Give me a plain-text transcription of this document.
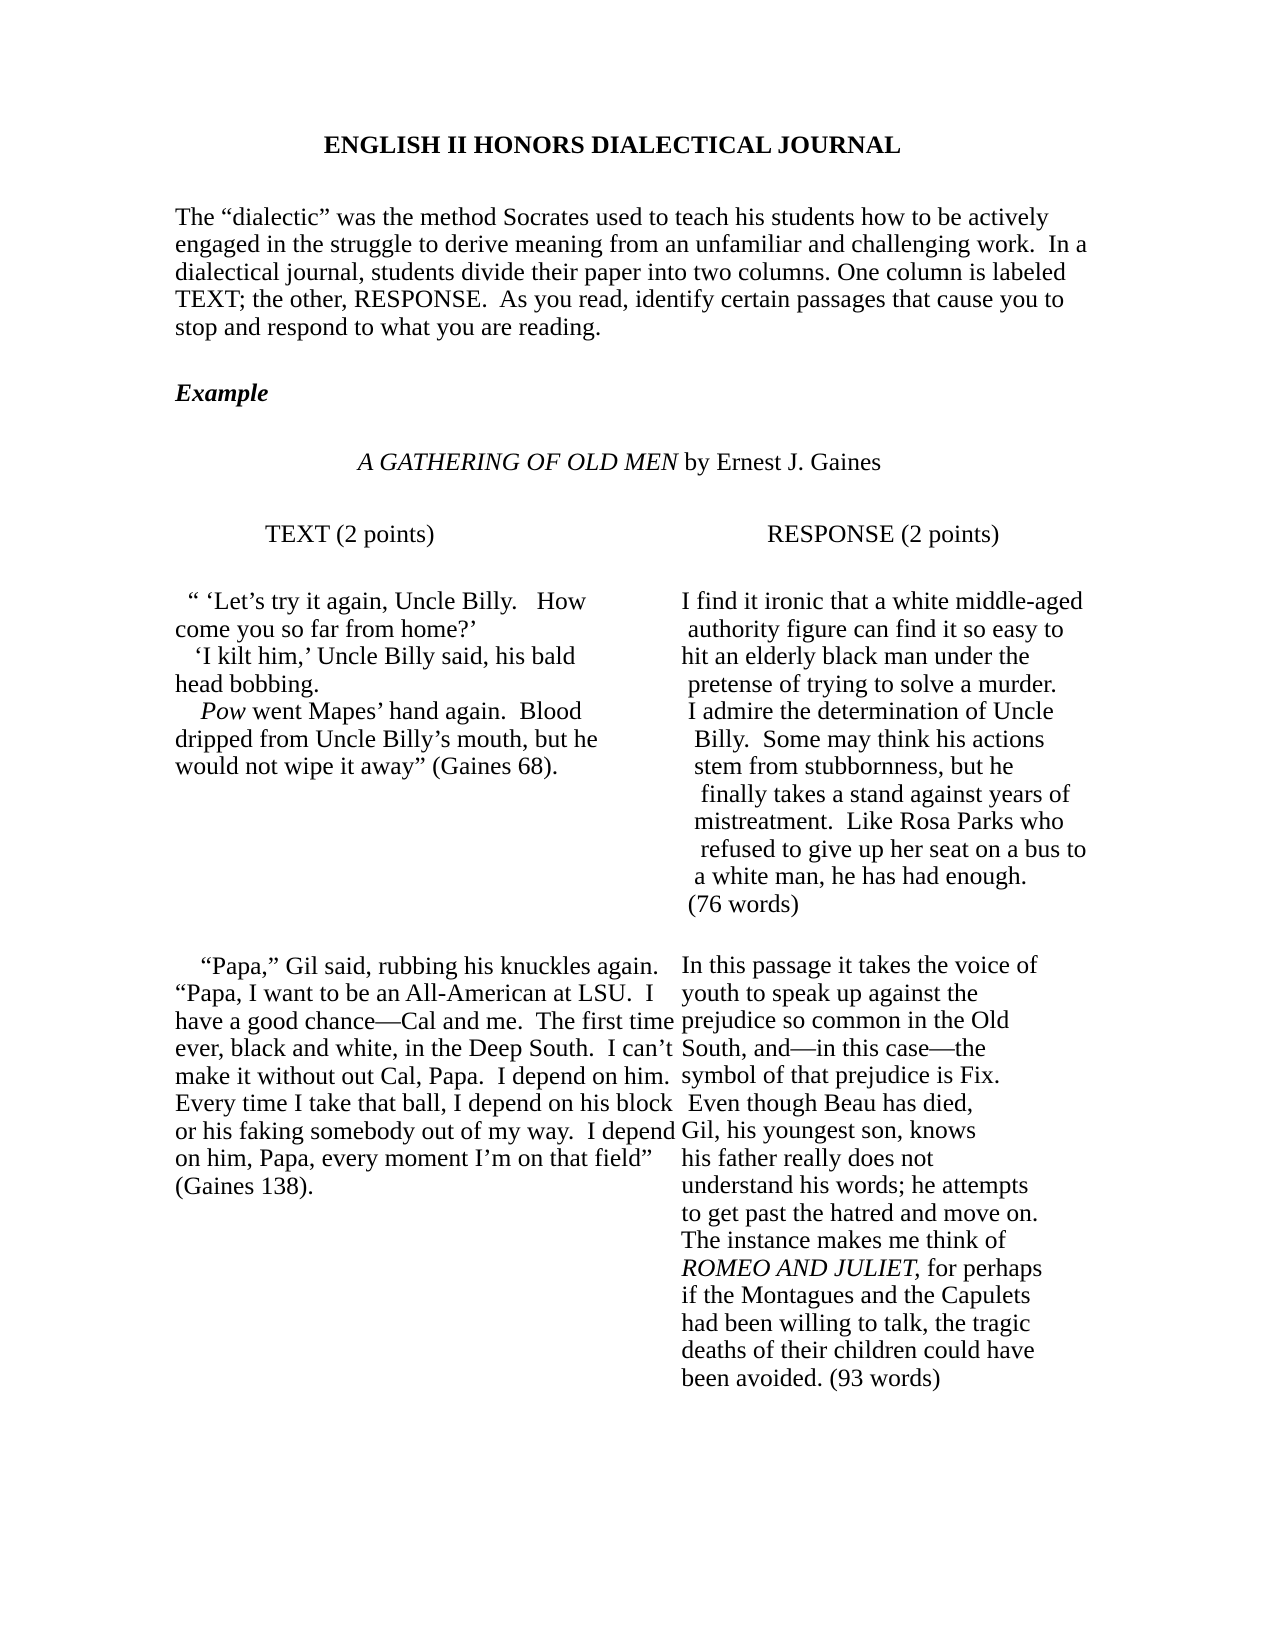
ENGLISH II HONORS DIALECTICAL JOURNAL
The “dialectic” was the method Socrates used to teach his students how to be actively
engaged in the struggle to derive meaning from an unfamiliar and challenging work.  In a
dialectical journal, students divide their paper into two columns. One column is labeled
TEXT; the other, RESPONSE.  As you read, identify certain passages that cause you to
stop and respond to what you are reading.
Example
A GATHERING OF OLD MEN by Ernest J. Gaines
TEXT (2 points)	RESPONSE (2 points)
“ ‘Let’s try it again, Uncle Billy.   How
come you so far from home?’
‘I kilt him,’ Uncle Billy said, his bald
head bobbing.
Pow went Mapes’ hand again.  Blood
dripped from Uncle Billy’s mouth, but he
would not wipe it away” (Gaines 68).
“Papa,” Gil said, rubbing his knuckles again.
“Papa, I want to be an All-American at LSU.  I
have a good chance—Cal and me.  The first time
ever, black and white, in the Deep South.  I can’t
make it without out Cal, Papa.  I depend on him.
Every time I take that ball, I depend on his block
or his faking somebody out of my way.  I depend
on him, Papa, every moment I’m on that field”
(Gaines 138).
I find it ironic that a white middle-aged
authority figure can find it so easy to
hit an elderly black man under the
pretense of trying to solve a murder.
I admire the determination of Uncle
Billy.  Some may think his actions
stem from stubbornness, but he
finally takes a stand against years of
mistreatment.  Like Rosa Parks who
refused to give up her seat on a bus to
a white man, he has had enough.
(76 words)
In this passage it takes the voice of
youth to speak up against the
prejudice so common in the Old
South, and—in this case—the
symbol of that prejudice is Fix.
Even though Beau has died,
Gil, his youngest son, knows
his father really does not
understand his words; he attempts
to get past the hatred and move on.
The instance makes me think of
ROMEO AND JULIET, for perhaps
if the Montagues and the Capulets
had been willing to talk, the tragic
deaths of their children could have
been avoided. (93 words)
